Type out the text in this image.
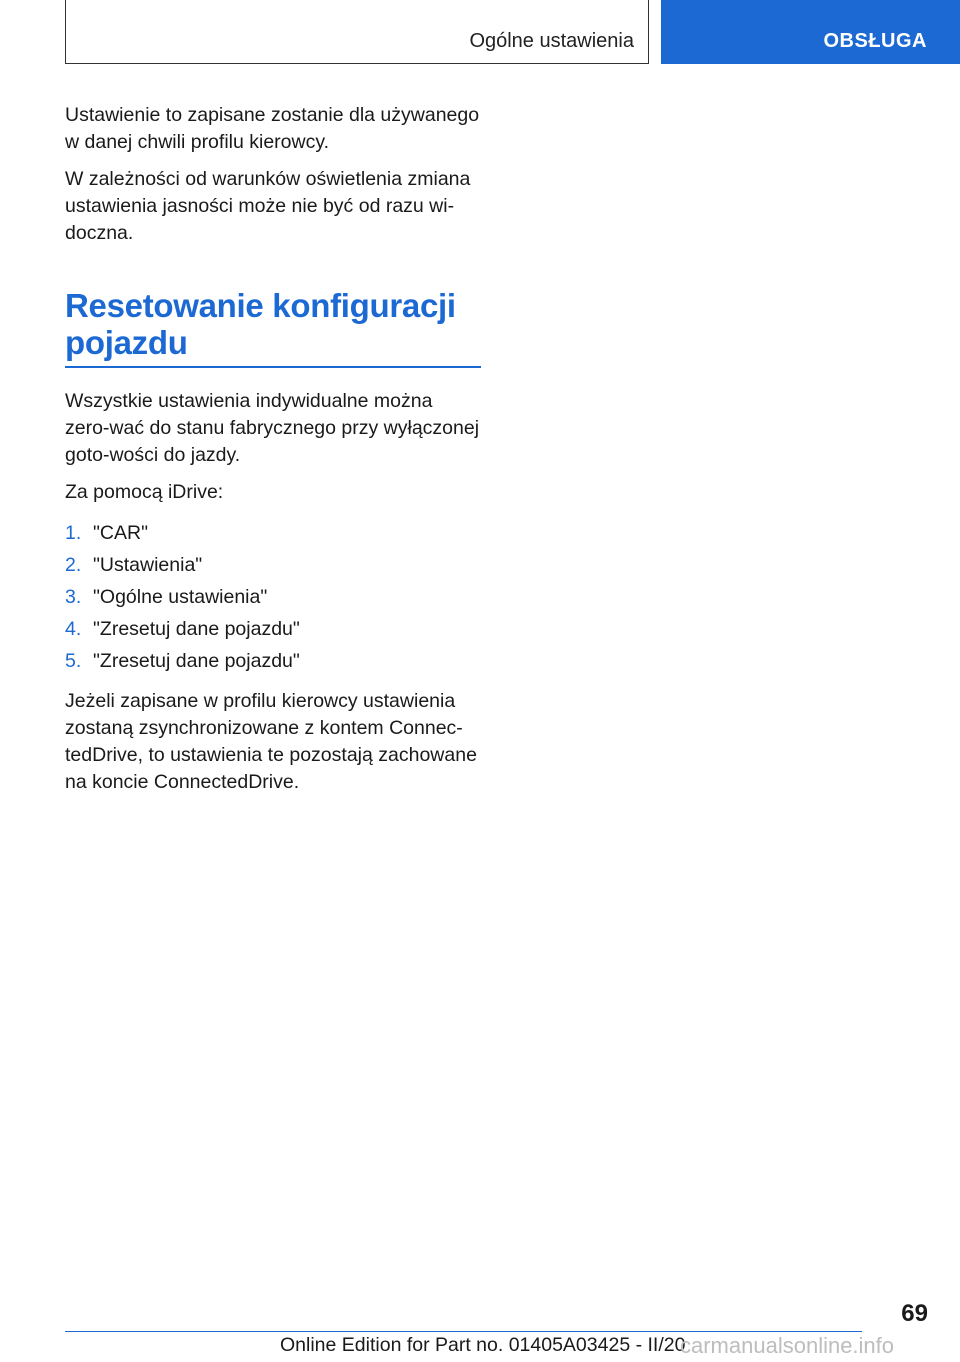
Ogólne ustawienia	OBSŁUGA

Ustawienie to zapisane zostanie dla używanego w danej chwili profilu kierowcy.

W zależności od warunków oświetlenia zmiana ustawienia jasności może nie być od razu wi-doczna.

Resetowanie konfiguracji pojazdu

Wszystkie ustawienia indywidualne można zero-wać do stanu fabrycznego przy wyłączonej goto-wości do jazdy.

Za pomocą iDrive:

1. "CAR"
2. "Ustawienia"
3. "Ogólne ustawienia"
4. "Zresetuj dane pojazdu"
5. "Zresetuj dane pojazdu"

Jeżeli zapisane w profilu kierowcy ustawienia zostaną zsynchronizowane z kontem Connec-tedDrive, to ustawienia te pozostają zachowane na koncie ConnectedDrive.

69
Online Edition for Part no. 01405A03425 - II/20
carmanualsonline.info
